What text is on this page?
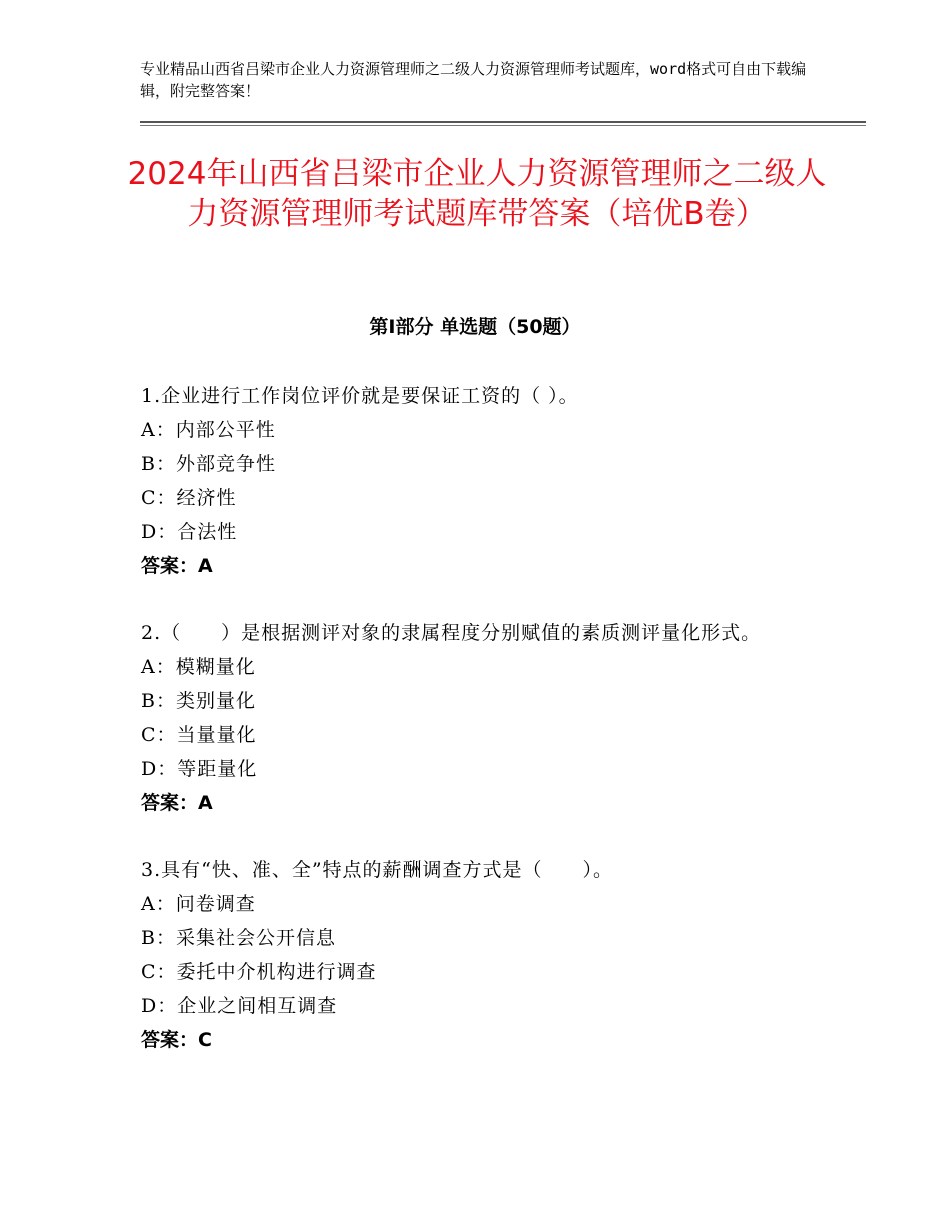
专业精品山西省吕梁市企业人力资源管理师之二级人力资源管理师考试题库，word格式可自由下载编辑，附完整答案！
2024年山西省吕梁市企业人力资源管理师之二级人力资源管理师考试题库带答案（培优B卷）
第Ⅰ部分 单选题（50题）
1.企业进行工作岗位评价就是要保证工资的（ ）。
A：内部公平性
B：外部竞争性
C：经济性
D：合法性
答案：A
2.（　　）是根据测评对象的隶属程度分别赋值的素质测评量化形式。
A：模糊量化
B：类别量化
C：当量量化
D：等距量化
答案：A
3.具有“快、准、全”特点的薪酬调查方式是（　　）。
A：问卷调查
B：采集社会公开信息
C：委托中介机构进行调查
D：企业之间相互调查
答案：C
